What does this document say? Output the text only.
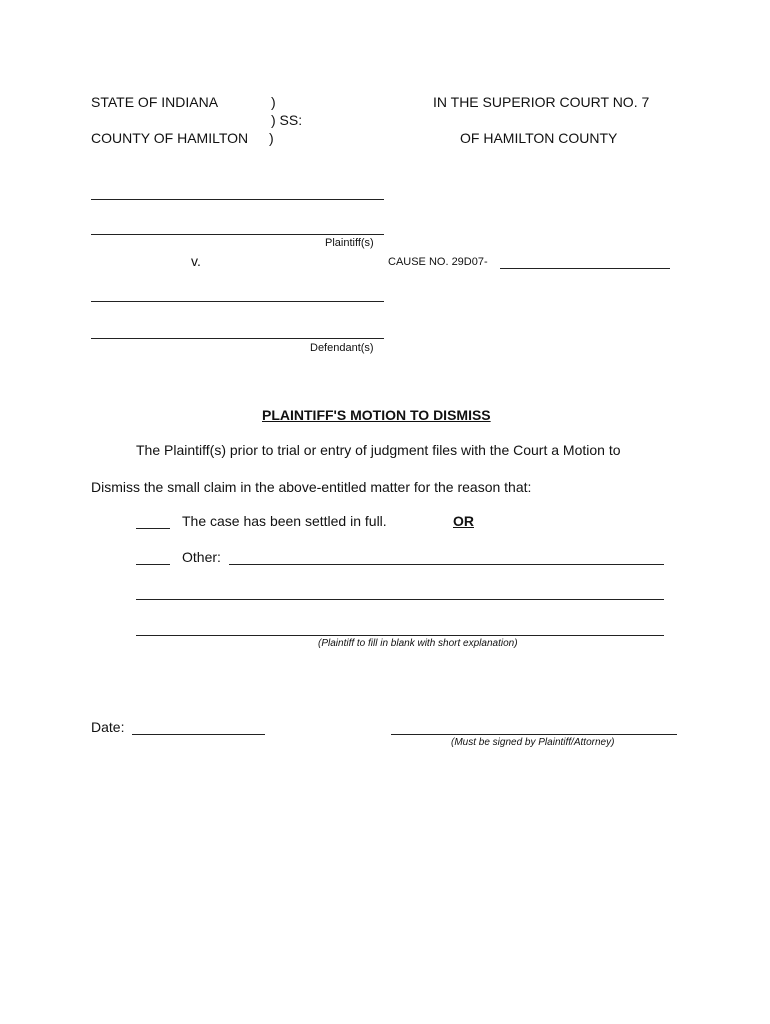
STATE OF INDIANA	)
) SS:
COUNTY OF HAMILTON )
IN THE SUPERIOR COURT NO. 7
OF HAMILTON COUNTY
Plaintiff(s)
v.	CAUSE NO. 29D07-
Defendant(s)
PLAINTIFF'S MOTION TO DISMISS
The Plaintiff(s) prior to trial or entry of judgment files with the Court a Motion to
Dismiss the small claim in the above-entitled matter for the reason that:
The case has been settled in full.	OR
Other:
(Plaintiff to fill in blank with short explanation)
Date:
(Must be signed by Plaintiff/Attorney)
